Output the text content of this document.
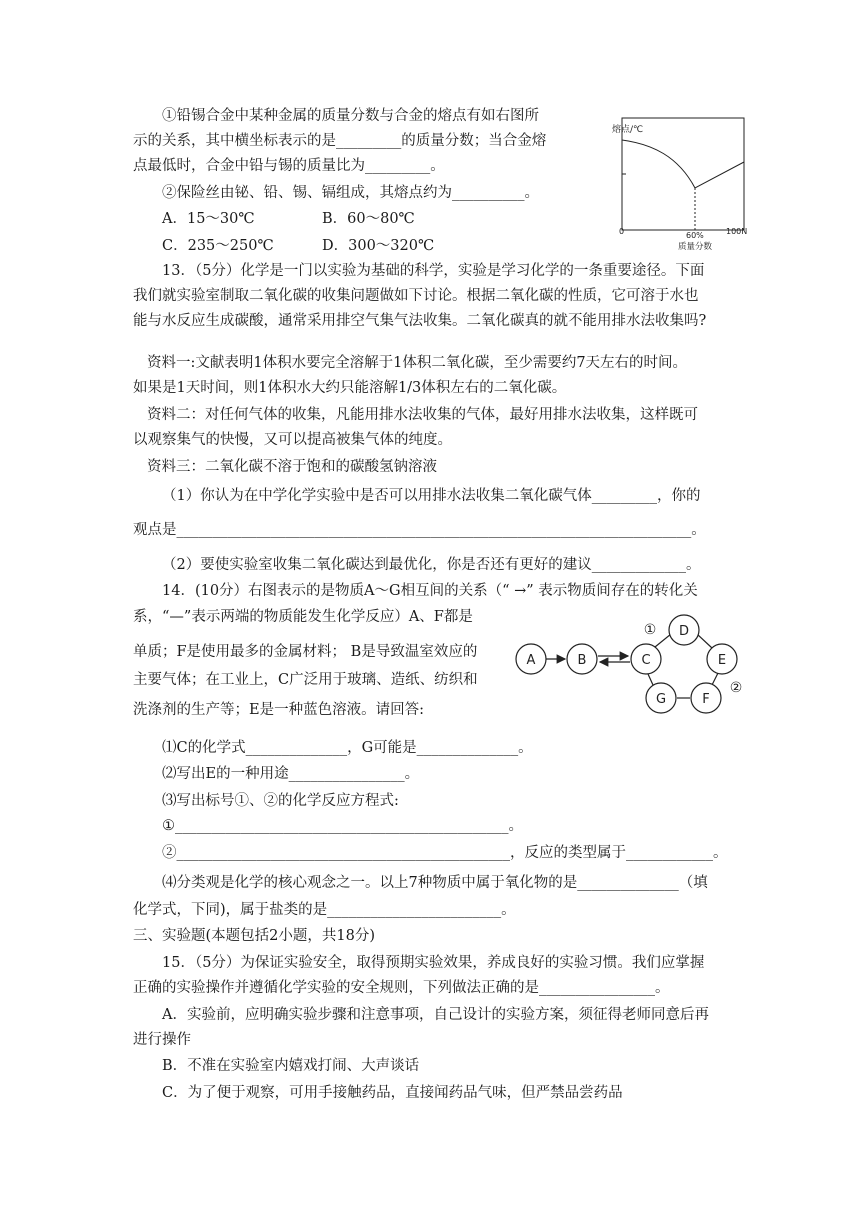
①铅锡合金中某种金属的质量分数与合金的熔点有如右图所
示的关系，其中横坐标表示的是_________的质量分数；当合金熔
点最低时，合金中铅与锡的质量比为_________。
②保险丝由铋、铅、锡、镉组成，其熔点约为__________。
A．15～30℃	B．60～80℃
C．235～250℃	D．300～320℃
熔点/℃
0	60%	100N
质量分数
13．（5分）化学是一门以实验为基础的科学，实验是学习化学的一条重要途径。下面
我们就实验室制取二氧化碳的收集问题做如下讨论。根据二氧化碳的性质，它可溶于水也
能与水反应生成碳酸，通常采用排空气集气法收集。二氧化碳真的就不能用排水法收集吗?
资料一:文献表明1体积水要完全溶解于1体积二氧化碳，至少需要约7天左右的时间。
如果是1天时间，则1体积水大约只能溶解1/3体积左右的二氧化碳。
资料二：对任何气体的收集，凡能用排水法收集的气体，最好用排水法收集，这样既可
以观察集气的快慢，又可以提高被集气体的纯度。
资料三：二氧化碳不溶于饱和的碳酸氢钠溶液
（1）你认为在中学化学实验中是否可以用排水法收集二氧化碳气体_________，你的
观点是_______________________________________________________________________。
（2）要使实验室收集二氧化碳达到最优化，你是否还有更好的建议_____________。
14．(10分）右图表示的是物质A～G相互间的关系（“ →” 表示物质间存在的转化关
系，“—”表示两端的物质能发生化学反应）A、F都是
单质；F是使用最多的金属材料； B是导致温室效应的
主要气体；在工业上，C广泛用于玻璃、造纸、纺织和
洗涤剂的生产等；E是一种蓝色溶液。请回答:
A	B	C
D
E
F
G
①
②
⑴C的化学式______________，G可能是______________。
⑵写出E的一种用途________________。
⑶写出标号①、②的化学反应方程式:
①______________________________________________。
②______________________________________________，反应的类型属于____________。
⑷分类观是化学的核心观念之一。以上7种物质中属于氧化物的是______________（填
化学式，下同)，属于盐类的是________________________。
三、实验题(本题包括2小题，共18分)
15．（5分）为保证实验安全，取得预期实验效果，养成良好的实验习惯。我们应掌握
正确的实验操作并遵循化学实验的安全规则，下列做法正确的是________________。
A．实验前，应明确实验步骤和注意事项，自己设计的实验方案，须征得老师同意后再
进行操作
B．不准在实验室内嬉戏打闹、大声谈话
C．为了便于观察，可用手接触药品，直接闻药品气味，但严禁品尝药品
